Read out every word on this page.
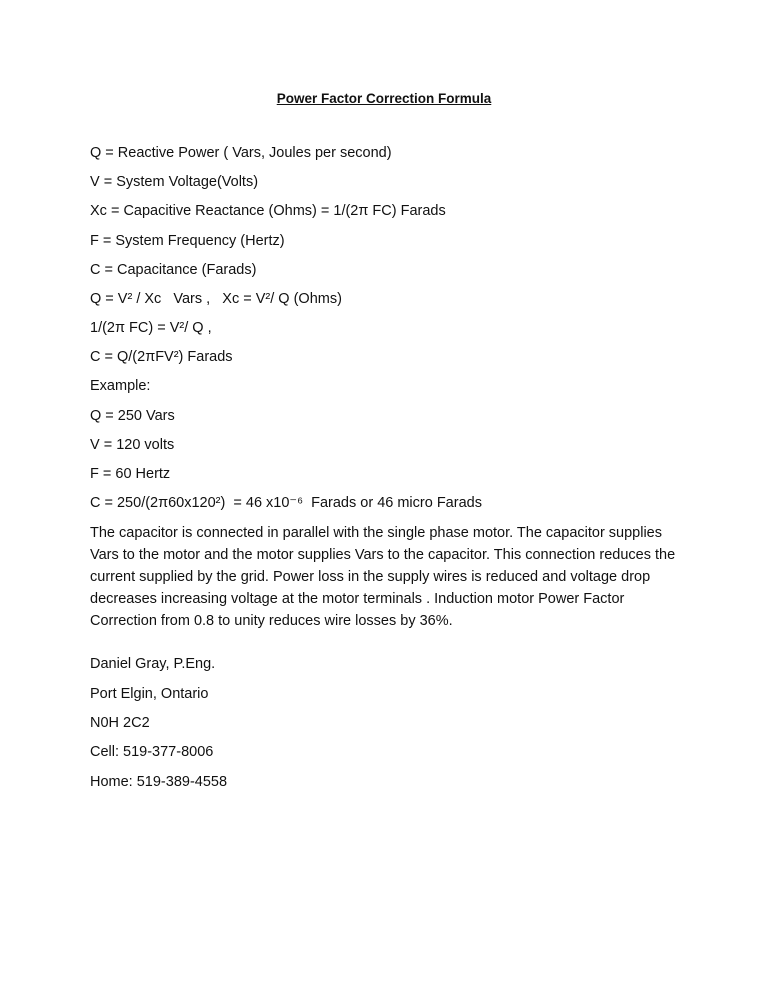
Power Factor Correction Formula
Q = Reactive Power ( Vars, Joules per second)
V = System Voltage(Volts)
Xc = Capacitive Reactance (Ohms) = 1/(2π FC) Farads
F = System Frequency (Hertz)
C = Capacitance (Farads)
Q = V² / Xc   Vars ,   Xc = V²/ Q (Ohms)
1/(2π FC) = V²/ Q ,
C = Q/(2πFV²) Farads
Example:
Q = 250 Vars
V = 120 volts
F = 60 Hertz
C = 250/(2π60x120²)  = 46 x10⁻⁶  Farads or 46 micro Farads
The capacitor is connected in parallel with the single phase motor. The capacitor supplies Vars to the motor and the motor supplies Vars to the capacitor. This connection reduces the current supplied by the grid. Power loss in the supply wires is reduced and voltage drop decreases increasing voltage at the motor terminals . Induction motor Power Factor Correction from 0.8 to unity reduces wire losses by 36%.
Daniel Gray, P.Eng.
Port Elgin, Ontario
N0H 2C2
Cell: 519-377-8006
Home: 519-389-4558
